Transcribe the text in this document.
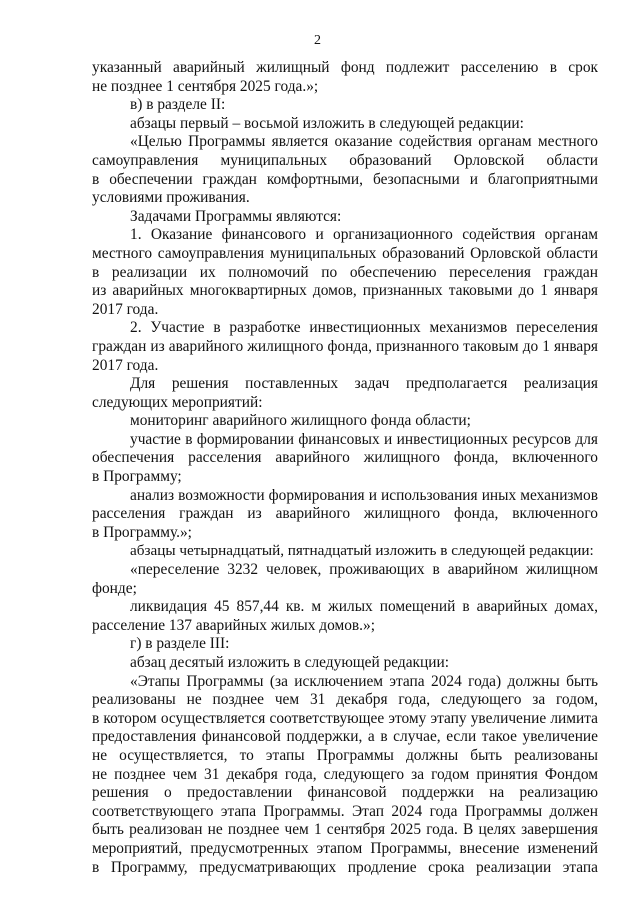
2

указанный аварийный жилищный фонд подлежит расселению в срок
не позднее 1 сентября 2025 года.»;

в) в разделе II:

абзацы первый – восьмой изложить в следующей редакции:

«Целью Программы является оказание содействия органам местного
самоуправления муниципальных образований Орловской области
в обеспечении граждан комфортными, безопасными и благоприятными
условиями проживания.

Задачами Программы являются:

1. Оказание финансового и организационного содействия органам
местного самоуправления муниципальных образований Орловской области
в реализации их полномочий по обеспечению переселения граждан
из аварийных многоквартирных домов, признанных таковыми до 1 января
2017 года.

2. Участие в разработке инвестиционных механизмов переселения
граждан из аварийного жилищного фонда, признанного таковым до 1 января
2017 года.

Для решения поставленных задач предполагается реализация
следующих мероприятий:

мониторинг аварийного жилищного фонда области;

участие в формировании финансовых и инвестиционных ресурсов для
обеспечения расселения аварийного жилищного фонда, включенного
в Программу;

анализ возможности формирования и использования иных механизмов
расселения граждан из аварийного жилищного фонда, включенного
в Программу.»;

абзацы четырнадцатый, пятнадцатый изложить в следующей редакции:

«переселение 3232 человек, проживающих в аварийном жилищном
фонде;

ликвидация 45 857,44 кв. м жилых помещений в аварийных домах,
расселение 137 аварийных жилых домов.»;

г) в разделе III:

абзац десятый изложить в следующей редакции:

«Этапы Программы (за исключением этапа 2024 года) должны быть
реализованы не позднее чем 31 декабря года, следующего за годом,
в котором осуществляется соответствующее этому этапу увеличение лимита
предоставления финансовой поддержки, а в случае, если такое увеличение
не осуществляется, то этапы Программы должны быть реализованы
не позднее чем 31 декабря года, следующего за годом принятия Фондом
решения о предоставлении финансовой поддержки на реализацию
соответствующего этапа Программы. Этап 2024 года Программы должен
быть реализован не позднее чем 1 сентября 2025 года. В целях завершения
мероприятий, предусмотренных этапом Программы, внесение изменений
в Программу, предусматривающих продление срока реализации этапа
